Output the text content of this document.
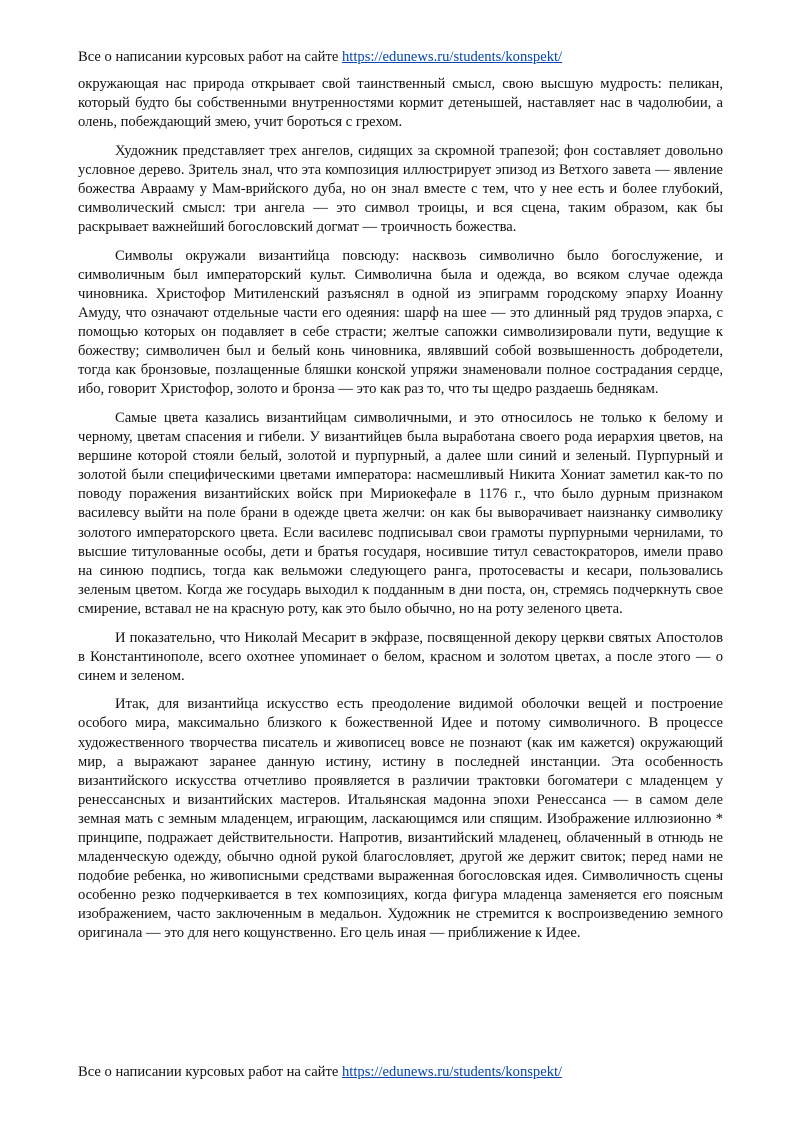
Все о написании курсовых работ на сайте https://edunews.ru/students/konspekt/

окружающая нас природа открывает свой таинственный смысл, свою высшую мудрость: пеликан, который будто бы собственными внутренностями кормит детенышей, наставляет нас в чадолюбии, а олень, побеждающий змею, учит бороться с грехом.

Художник представляет трех ангелов, сидящих за скромной трапезой; фон составляет довольно условное дерево. Зритель знал, что эта композиция иллюстрирует эпизод из Ветхого завета — явление божества Аврааму у Мам-врийского дуба, но он знал вместе с тем, что у нее есть и более глубокий, символический смысл: три ангела — это символ троицы, и вся сцена, таким образом, как бы раскрывает важнейший богословский догмат — троичность божества.

Символы окружали византийца повсюду: насквозь символично было богослужение, и символичным был императорский культ. Символична была и одежда, во всяком случае одежда чиновника. Христофор Митиленский разъяснял в одной из эпиграмм городскому эпарху Иоанну Амуду, что означают отдельные части его одеяния: шарф на шее — это длинный ряд трудов эпарха, с помощью которых он подавляет в себе страсти; желтые сапожки символизировали пути, ведущие к божеству; символичен был и белый конь чиновника, являвший собой возвышенность добродетели, тогда как бронзовые, позлащенные бляшки конской упряжи знаменовали полное сострадания сердце, ибо, говорит Христофор, золото и бронза — это как раз то, что ты щедро раздаешь беднякам.

Самые цвета казались византийцам символичными, и это относилось не только к белому и черному, цветам спасения и гибели. У византийцев была выработана своего рода иерархия цветов, на вершине которой стояли белый, золотой и пурпурный, а далее шли синий и зеленый. Пурпурный и золотой были специфическими цветами императора: насмешливый Никита Хониат заметил как-то по поводу поражения византийских войск при Мириокефале в 1176 г., что было дурным признаком василевсу выйти на поле брани в одежде цвета желчи: он как бы выворачивает наизнанку символику золотого императорского цвета. Если василевс подписывал свои грамоты пурпурными чернилами, то высшие титулованные особы, дети и братья государя, носившие титул севастократоров, имели право на синюю подпись, тогда как вельможи следующего ранга, протосевасты и кесари, пользовались зеленым цветом. Когда же государь выходил к подданным в дни поста, он, стремясь подчеркнуть свое смирение, вставал не на красную роту, как это было обычно, но на роту зеленого цвета.

И показательно, что Николай Месарит в экфразе, посвященной декору церкви святых Апостолов в Константинополе, всего охотнее упоминает о белом, красном и золотом цветах, а после этого — о синем и зеленом.

Итак, для византийца искусство есть преодоление видимой оболочки вещей и построение особого мира, максимально близкого к божественной Идее и потому символичного. В процессе художественного творчества писатель и живописец вовсе не познают (как им кажется) окружающий мир, а выражают заранее данную истину, истину в последней инстанции. Эта особенность византийского искусства отчетливо проявляется в различии трактовки богоматери с младенцем у ренессансных и византийских мастеров. Итальянская мадонна эпохи Ренессанса — в самом деле земная мать с земным младенцем, играющим, ласкающимся или спящим. Изображение иллюзионно * принципе, подражает действительности. Напротив, византийский младенец, облаченный в отнюдь не младенческую одежду, обычно одной рукой благословляет, другой же держит свиток; перед нами не подобие ребенка, но живописными средствами выраженная богословская идея. Символичность сцены особенно резко подчеркивается в тех композициях, когда фигура младенца заменяется его поясным изображением, часто заключенным в медальон. Художник не стремится к воспроизведению земного оригинала — это для него кощунственно. Его цель иная — приближение к Идее.

Все о написании курсовых работ на сайте https://edunews.ru/students/konspekt/
